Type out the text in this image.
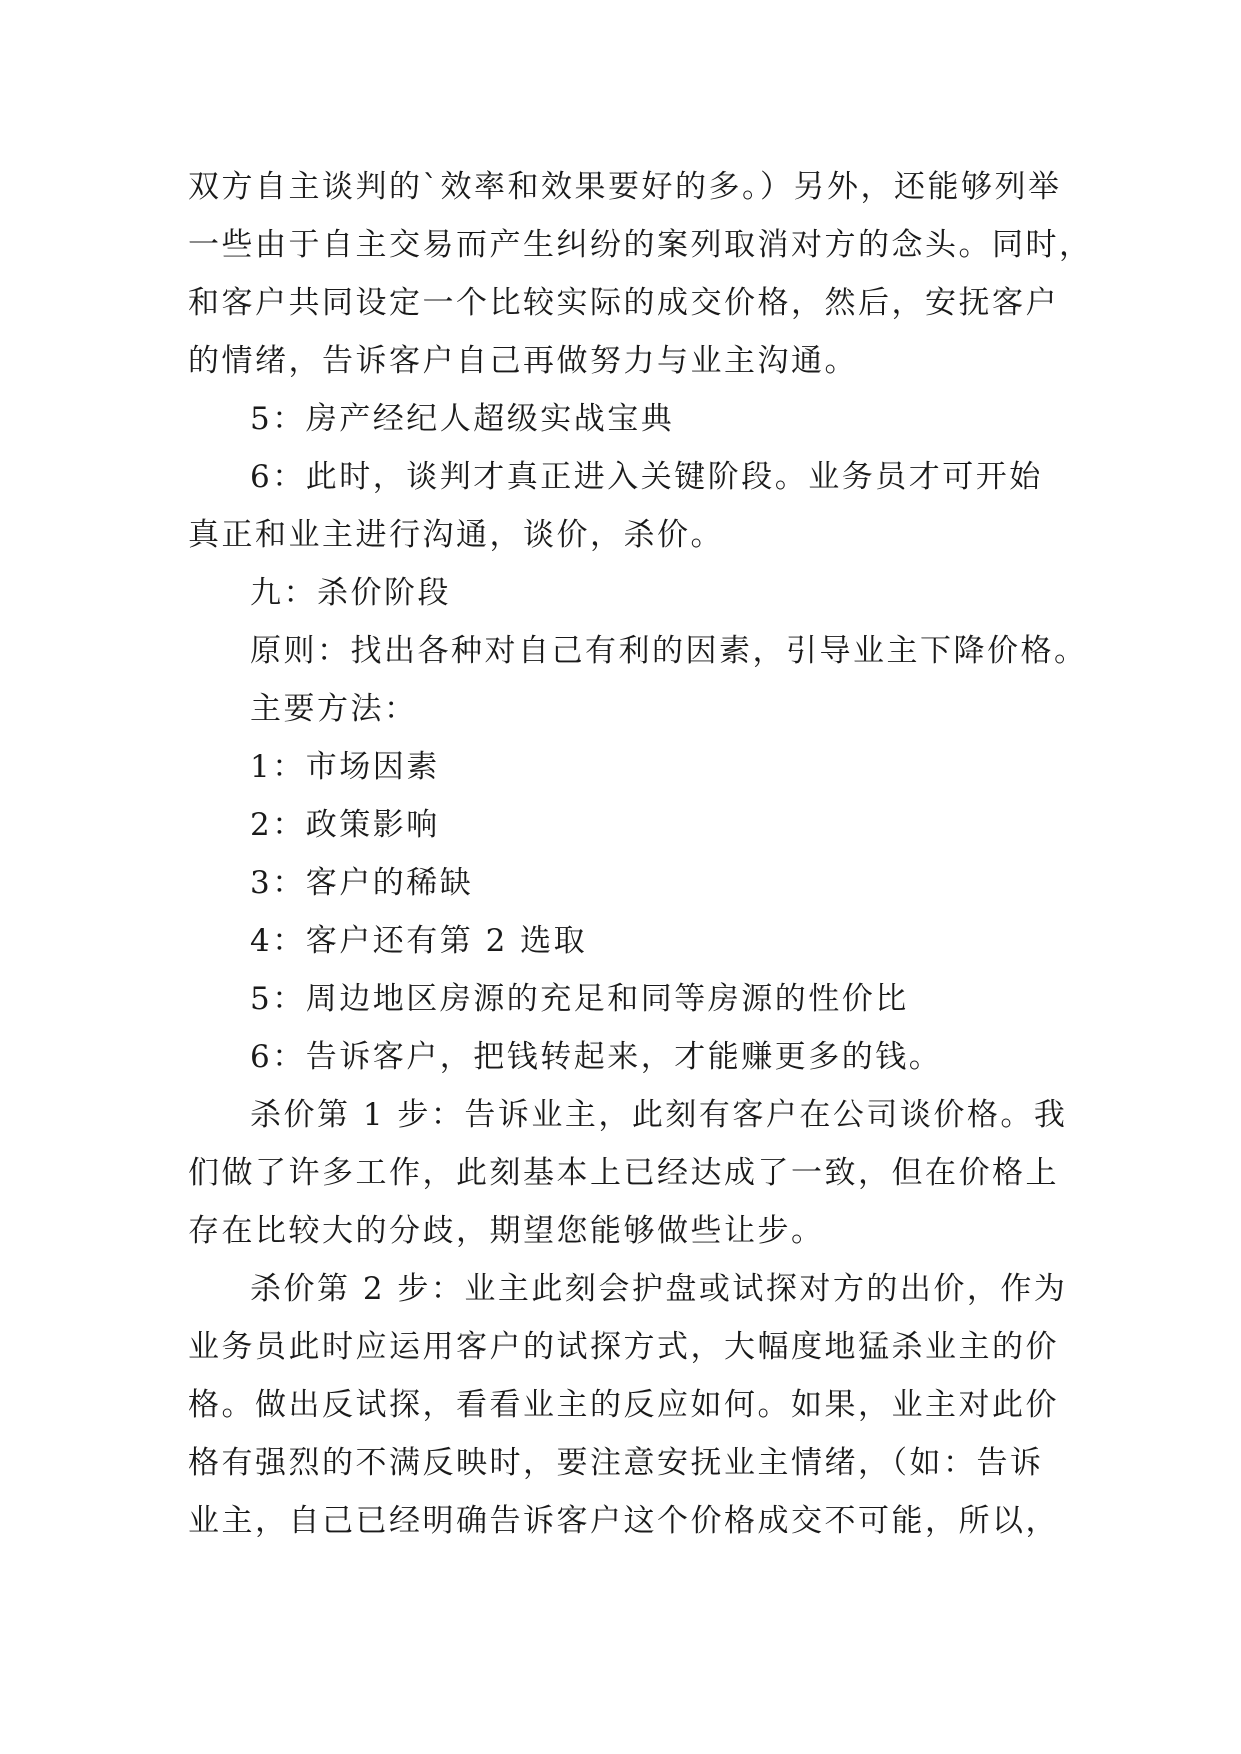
双方自主谈判的`效率和效果要好的多。）另外，还能够列举
一些由于自主交易而产生纠纷的案列取消对方的念头。同时，
和客户共同设定一个比较实际的成交价格，然后，安抚客户
的情绪，告诉客户自己再做努力与业主沟通。
5：房产经纪人超级实战宝典
6：此时，谈判才真正进入关键阶段。业务员才可开始
真正和业主进行沟通，谈价，杀价。
九：杀价阶段
原则：找出各种对自己有利的因素，引导业主下降价格。
主要方法：
1：市场因素
2：政策影响
3：客户的稀缺
4：客户还有第 2 选取
5：周边地区房源的充足和同等房源的性价比
6：告诉客户，把钱转起来，才能赚更多的钱。
杀价第 1 步：告诉业主，此刻有客户在公司谈价格。我
们做了许多工作，此刻基本上已经达成了一致，但在价格上
存在比较大的分歧，期望您能够做些让步。
杀价第 2 步：业主此刻会护盘或试探对方的出价，作为
业务员此时应运用客户的试探方式，大幅度地猛杀业主的价
格。做出反试探，看看业主的反应如何。如果，业主对此价
格有强烈的不满反映时，要注意安抚业主情绪，（如：告诉
业主，自己已经明确告诉客户这个价格成交不可能，所以，
